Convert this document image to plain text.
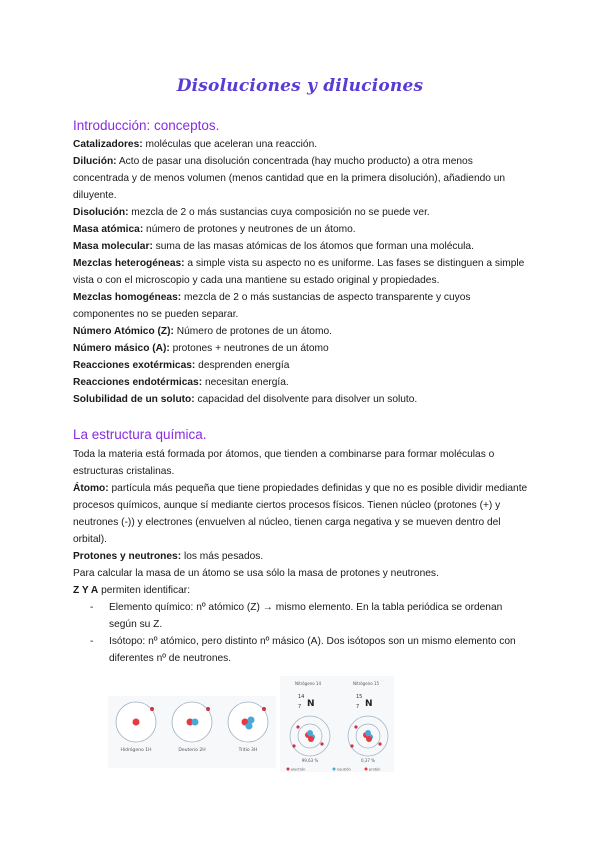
Disoluciones y diluciones
Introducción: conceptos.

Catalizadores: moléculas que aceleran una reacción.

Dilución: Acto de pasar una disolución concentrada (hay mucho producto) a otra menos concentrada y de menos volumen (menos cantidad que en la primera disolución), añadiendo un diluyente.

Disolución: mezcla de 2 o más sustancias cuya composición no se puede ver.

Masa atómica: número de protones y neutrones de un átomo.

Masa molecular: suma de las masas atómicas de los átomos que forman una molécula.

Mezclas heterogéneas: a simple vista su aspecto no es uniforme. Las fases se distinguen a simple vista o con el microscopio y cada una mantiene su estado original y propiedades.

Mezclas homogéneas: mezcla de 2 o más sustancias de aspecto transparente y cuyos componentes no se pueden separar.

Número Atómico (Z): Número de protones de un átomo.

Número másico (A): protones + neutrones de un átomo

Reacciones exotérmicas: desprenden energía

Reacciones endotérmicas: necesitan energía.

Solubilidad de un soluto: capacidad del disolvente para disolver un soluto.

La estructura química.

Toda la materia está formada por átomos, que tienden a combinarse para formar moléculas o estructuras cristalinas.

Átomo: partícula más pequeña que tiene propiedades definidas y que no es posible dividir mediante procesos químicos, aunque sí mediante ciertos procesos físicos. Tienen núcleo (protones (+) y neutrones (-)) y electrones (envuelven al núcleo, tienen carga negativa y se mueven dentro del orbital).

Protones y neutrones: los más pesados.

Para calcular la masa de un átomo se usa sólo la masa de protones y neutrones.

Z Y A permiten identificar:

- Elemento químico: nº atómico (Z) → mismo elemento. En la tabla periódica se ordenan según su Z.

- Isótopo: nº atómico, pero distinto nº másico (A). Dos isótopos son un mismo elemento con diferentes nº de neutrones.

Hidrógeno 1H	Deuterio 2H	Tritio 3H
Nitrógeno 14	Nitrógeno 15
14
7 N
15
7 N
99,63 %	0,37 %
electrón	neutrón	protón
